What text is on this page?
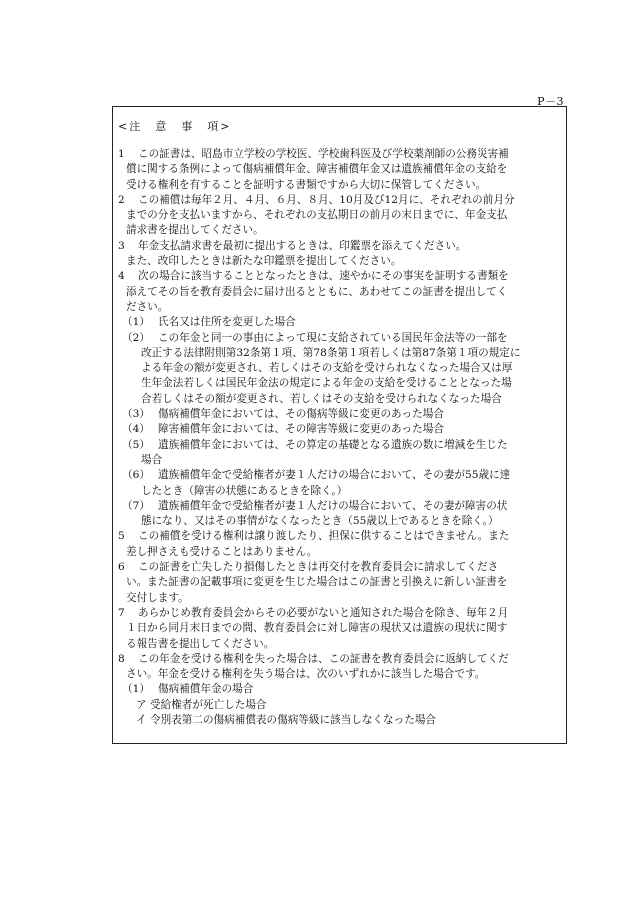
P－3
<注　意　事　項>
1 この証書は、昭島市立学校の学校医、学校歯科医及び学校薬剤師の公務災害補
償に関する条例によって傷病補償年金、障害補償年金又は遺族補償年金の支給を
受ける権利を有することを証明する書類ですから大切に保管してください。
2 この補償は毎年２月、４月、６月、８月、10月及び12月に、それぞれの前月分
までの分を支払いますから、それぞれの支払期日の前月の末日までに、年金支払
請求書を提出してください。
3 年金支払請求書を最初に提出するときは、印鑑票を添えてください。
また、改印したときは新たな印鑑票を提出してください。
4 次の場合に該当することとなったときは、速やかにその事実を証明する書類を
添えてその旨を教育委員会に届け出るとともに、あわせてこの証書を提出してく
ださい。
（1） 氏名又は住所を変更した場合
（2） この年金と同一の事由によって現に支給されている国民年金法等の一部を
改正する法律附則第32条第１項、第78条第１項若しくは第87条第１項の規定に
よる年金の額が変更され、若しくはその支給を受けられなくなった場合又は厚
生年金法若しくは国民年金法の規定による年金の支給を受けることとなった場
合若しくはその額が変更され、若しくはその支給を受けられなくなった場合
（3） 傷病補償年金においては、その傷病等級に変更のあった場合
（4） 障害補償年金においては、その障害等級に変更のあった場合
（5） 遺族補償年金においては、その算定の基礎となる遺族の数に増減を生じた
場合
（6） 遺族補償年金で受給権者が妻１人だけの場合において、その妻が55歳に達
したとき（障害の状態にあるときを除く。）
（7） 遺族補償年金で受給権者が妻１人だけの場合において、その妻が障害の状
態になり、又はその事情がなくなったとき（55歳以上であるときを除く。）
5 この補償を受ける権利は譲り渡したり、担保に供することはできません。また
差し押さえも受けることはありません。
6 この証書を亡失したり損傷したときは再交付を教育委員会に請求してくださ
い。また証書の記載事項に変更を生じた場合はこの証書と引換えに新しい証書を
交付します。
7 あらかじめ教育委員会からその必要がないと通知された場合を除き、毎年２月
１日から同月末日までの間、教育委員会に対し障害の現状又は遺族の現状に関す
る報告書を提出してください。
8 この年金を受ける権利を失った場合は、この証書を教育委員会に返納してくだ
さい。年金を受ける権利を失う場合は、次のいずれかに該当した場合です。
（1） 傷病補償年金の場合
ア 受給権者が死亡した場合
イ 令別表第二の傷病補償表の傷病等級に該当しなくなった場合
